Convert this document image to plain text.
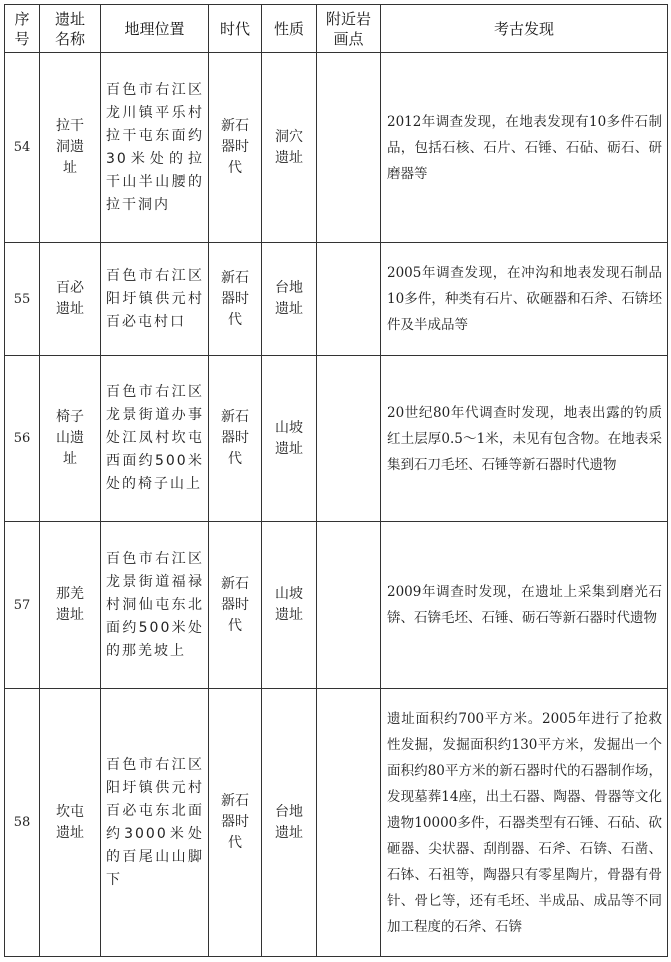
序号	遗址名称	地理位置	时代	性质	附近岩画点	考古发现
54	拉干洞遗址	百色市右江区龙川镇平乐村拉干屯东面约30米处的拉干山半山腰的拉干洞内	新石器时代	洞穴遗址		2012年调查发现，在地表发现有10多件石制品，包括石核、石片、石锤、石砧、砺石、研磨器等
55	百必遗址	百色市右江区阳圩镇供元村百必屯村口	新石器时代	台地遗址		2005年调查发现，在冲沟和地表发现石制品10多件，种类有石片、砍砸器和石斧、石锛坯件及半成品等
56	椅子山遗址	百色市右江区龙景街道办事处江凤村坎屯西面约500米处的椅子山上	新石器时代	山坡遗址		20世纪80年代调查时发现，地表出露的钓质红土层厚0.5～1米，未见有包含物。在地表采集到石刀毛坯、石锤等新石器时代遗物
57	那羌遗址	百色市右江区龙景街道福禄村洞仙屯东北面约500米处的那羌坡上	新石器时代	山坡遗址		2009年调查时发现，在遗址上采集到磨光石锛、石锛毛坯、石锤、砺石等新石器时代遗物
58	坎屯遗址	百色市右江区阳圩镇供元村百必屯东北面约3000米处的百尾山山脚下	新石器时代	台地遗址		遗址面积约700平方米。2005年进行了抢救性发掘，发掘面积约130平方米，发掘出一个面积约80平方米的新石器时代的石器制作场，发现墓葬14座，出土石器、陶器、骨器等文化遗物10000多件，石器类型有石锤、石砧、砍砸器、尖状器、刮削器、石斧、石锛、石凿、石钵、石祖等，陶器只有零星陶片，骨器有骨针、骨匕等，还有毛坯、半成品、成品等不同加工程度的石斧、石锛
